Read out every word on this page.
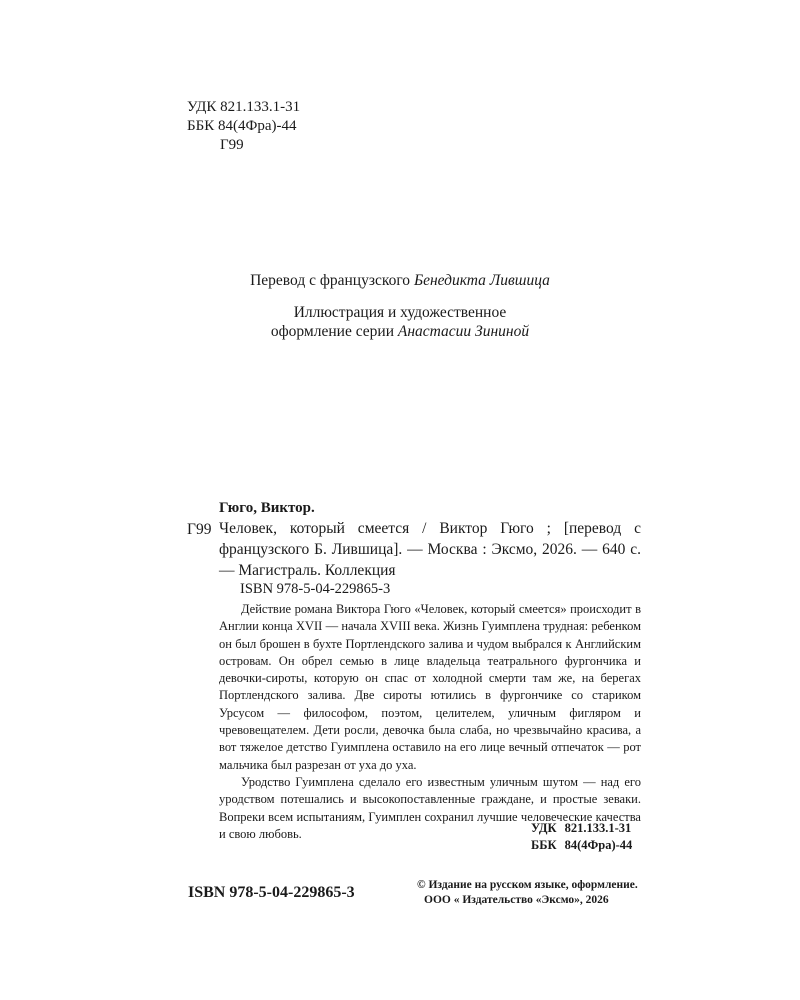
УДК 821.133.1-31
ББК 84(4Фра)-44
Г99
Перевод с французского Бенедикта Лившица
Иллюстрация и художественное
оформление серии Анастасии Зининой
Гюго, Виктор.
Г99 Человек, который смеется / Виктор Гюго ; [перевод с французского Б. Лившица]. — Москва : Эксмо, 2026. — 640 с. — Магистраль. Коллекция
ISBN 978-5-04-229865-3

Действие романа Виктора Гюго «Человек, который смеется» происходит в Англии конца XVII — начала XVIII века. Жизнь Гуимплена трудная: ребенком он был брошен в бухте Портлендского залива и чудом выбрался к Английским островам. Он обрел семью в лице владельца театрального фургончика и девочки-сироты, которую он спас от холодной смерти там же, на берегах Портлендского залива. Две сироты ютились в фургончике со стариком Урсусом — философом, поэтом, целителем, уличным фигляром и чревовещателем. Дети росли, девочка была слаба, но чрезвычайно красива, а вот тяжелое детство Гуимплена оставило на его лице вечный отпечаток — рот мальчика был разрезан от уха до уха.

Уродство Гуимплена сделало его известным уличным шутом — над его уродством потешались и высокопоставленные граждане, и простые зеваки. Вопреки всем испытаниям, Гуимплен сохранил лучшие человеческие качества и свою любовь.	УДК 821.133.1-31
ББК 84(4Фра)-44
ISBN 978-5-04-229865-3	© Издание на русском языке, оформление.
ООО « Издательство «Эксмо», 2026
